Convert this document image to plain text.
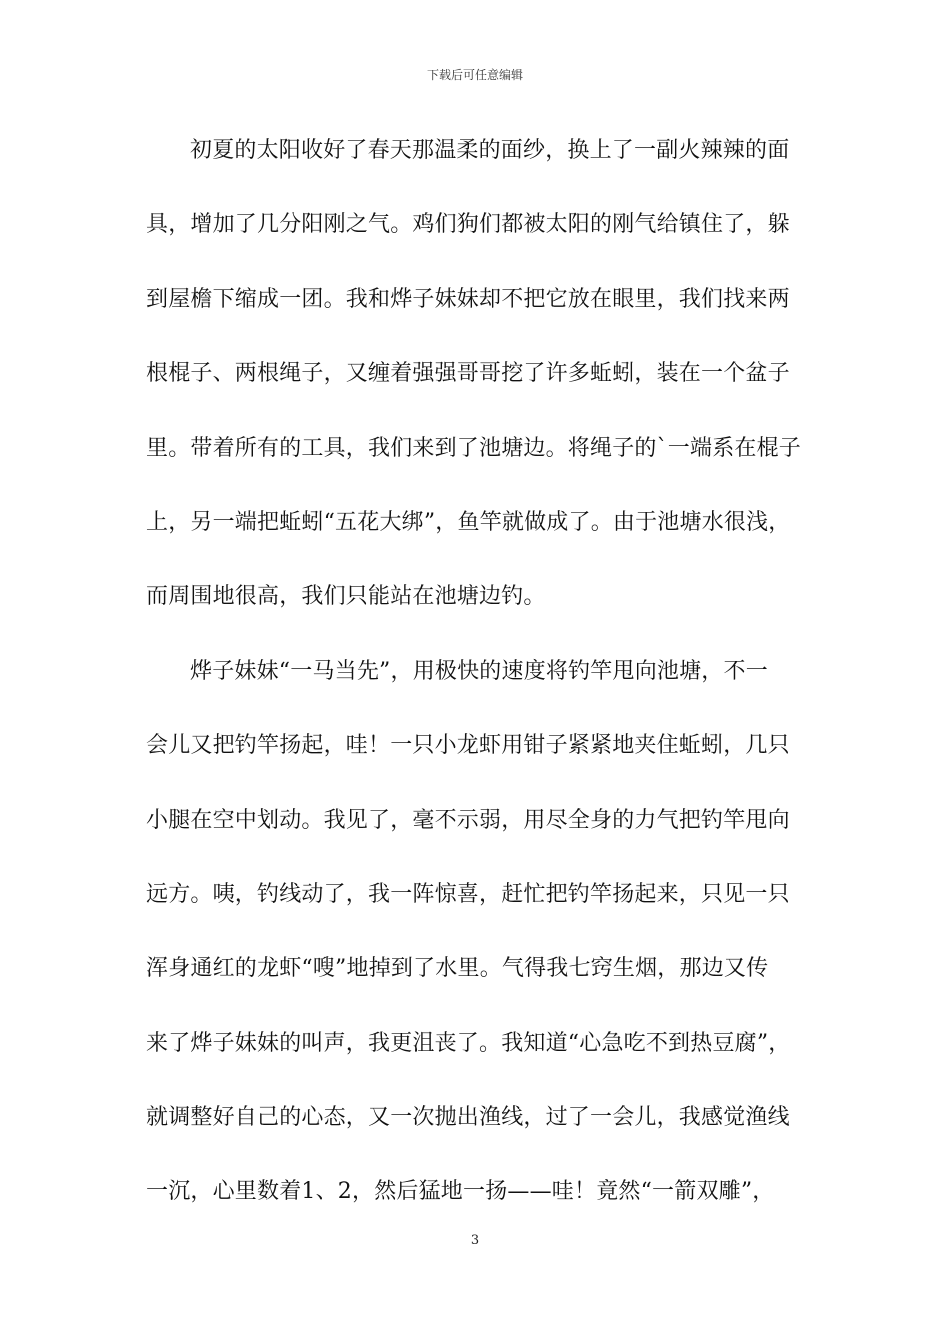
下载后可任意编辑
初夏的太阳收好了春天那温柔的面纱，换上了一副火辣辣的面
具，增加了几分阳刚之气。鸡们狗们都被太阳的刚气给镇住了，躲
到屋檐下缩成一团。我和烨子妹妹却不把它放在眼里，我们找来两
根棍子、两根绳子，又缠着强强哥哥挖了许多蚯蚓，装在一个盆子
里。带着所有的工具，我们来到了池塘边。将绳子的`一端系在棍子
上，另一端把蚯蚓“五花大绑”，鱼竿就做成了。由于池塘水很浅，
而周围地很高，我们只能站在池塘边钓。
烨子妹妹“一马当先”，用极快的速度将钓竿甩向池塘，不一
会儿又把钓竿扬起，哇！一只小龙虾用钳子紧紧地夹住蚯蚓，几只
小腿在空中划动。我见了，毫不示弱，用尽全身的力气把钓竿甩向
远方。咦，钓线动了，我一阵惊喜，赶忙把钓竿扬起来，只见一只
浑身通红的龙虾“嗖”地掉到了水里。气得我七窍生烟，那边又传
来了烨子妹妹的叫声，我更沮丧了。我知道“心急吃不到热豆腐”，
就调整好自己的心态，又一次抛出渔线，过了一会儿，我感觉渔线
一沉，心里数着1、2，然后猛地一扬——哇！竟然“一箭双雕”，
3
